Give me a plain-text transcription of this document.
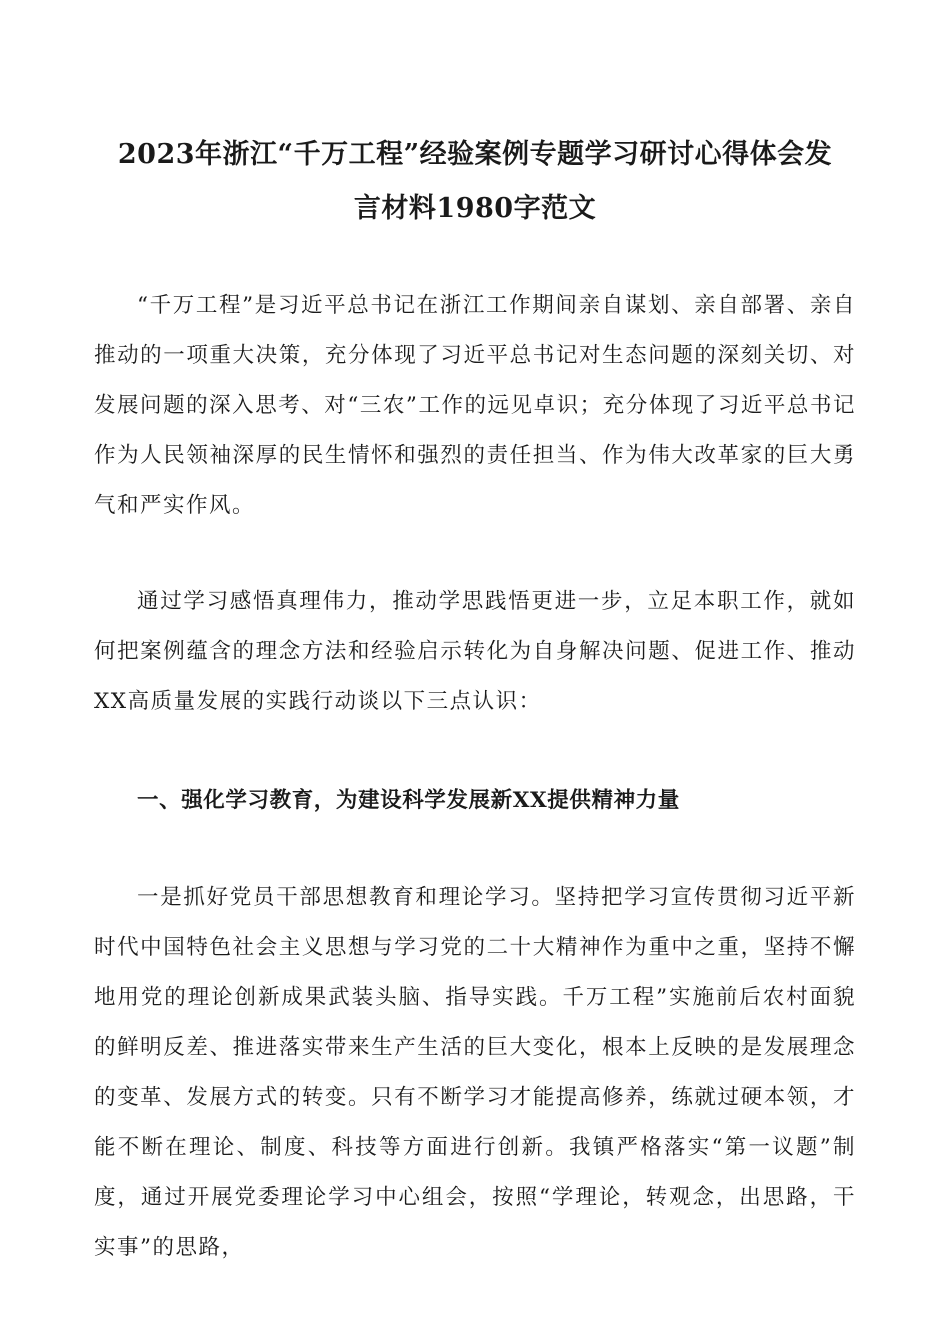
2023年浙江“千万工程”经验案例专题学习研讨心得体会发
言材料1980字范文

“千万工程”是习近平总书记在浙江工作期间亲自谋划、亲自部署、亲自推动的一项重大决策，充分体现了习近平总书记对生态问题的深刻关切、对发展问题的深入思考、对“三农”工作的远见卓识；充分体现了习近平总书记作为人民领袖深厚的民生情怀和强烈的责任担当、作为伟大改革家的巨大勇气和严实作风。

通过学习感悟真理伟力，推动学思践悟更进一步，立足本职工作，就如何把案例蕴含的理念方法和经验启示转化为自身解决问题、促进工作、推动XX高质量发展的实践行动谈以下三点认识：

一、强化学习教育，为建设科学发展新XX提供精神力量

一是抓好党员干部思想教育和理论学习。坚持把学习宣传贯彻习近平新时代中国特色社会主义思想与学习党的二十大精神作为重中之重，坚持不懈地用党的理论创新成果武装头脑、指导实践。千万工程”实施前后农村面貌的鲜明反差、推进落实带来生产生活的巨大变化，根本上反映的是发展理念的变革、发展方式的转变。只有不断学习才能提高修养，练就过硬本领，才能不断在理论、制度、科技等方面进行创新。我镇严格落实“第一议题”制度，通过开展党委理论学习中心组会，按照“学理论，转观念，出思路，干实事”的思路，
